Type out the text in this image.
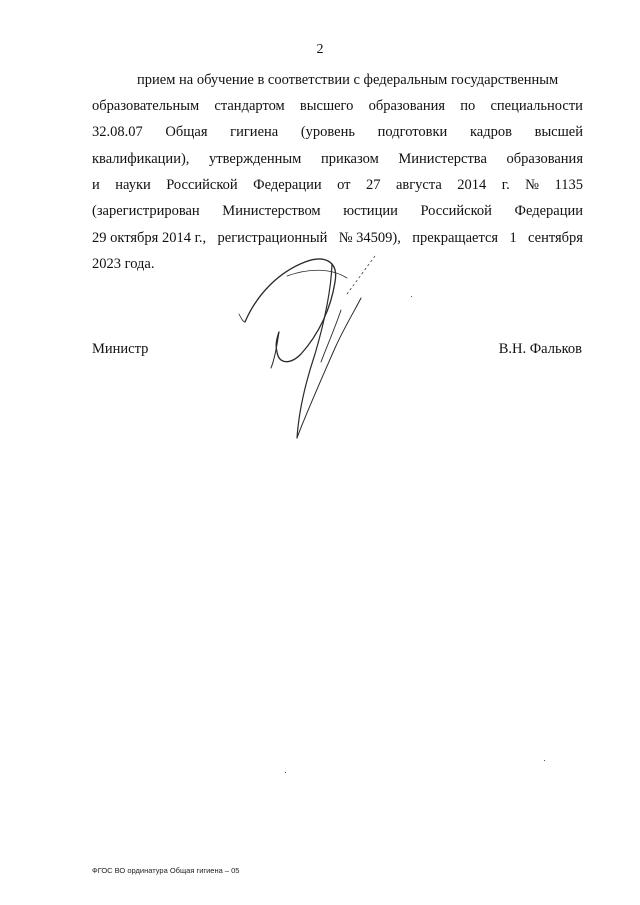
2
прием на обучение в соответствии с федеральным государственным
образовательным стандартом высшего образования по специальности
32.08.07 Общая гигиена (уровень подготовки кадров высшей
квалификации), утвержденным приказом Министерства образования
и науки Российской Федерации от 27 августа 2014 г. № 1135
(зарегистрирован Министерством юстиции Российской Федерации
29 октября 2014 г., регистрационный № 34509), прекращается 1 сентября
2023 года.
Министр	В.Н. Фальков
ФГОС ВО ординатура Общая гигиена – 05
